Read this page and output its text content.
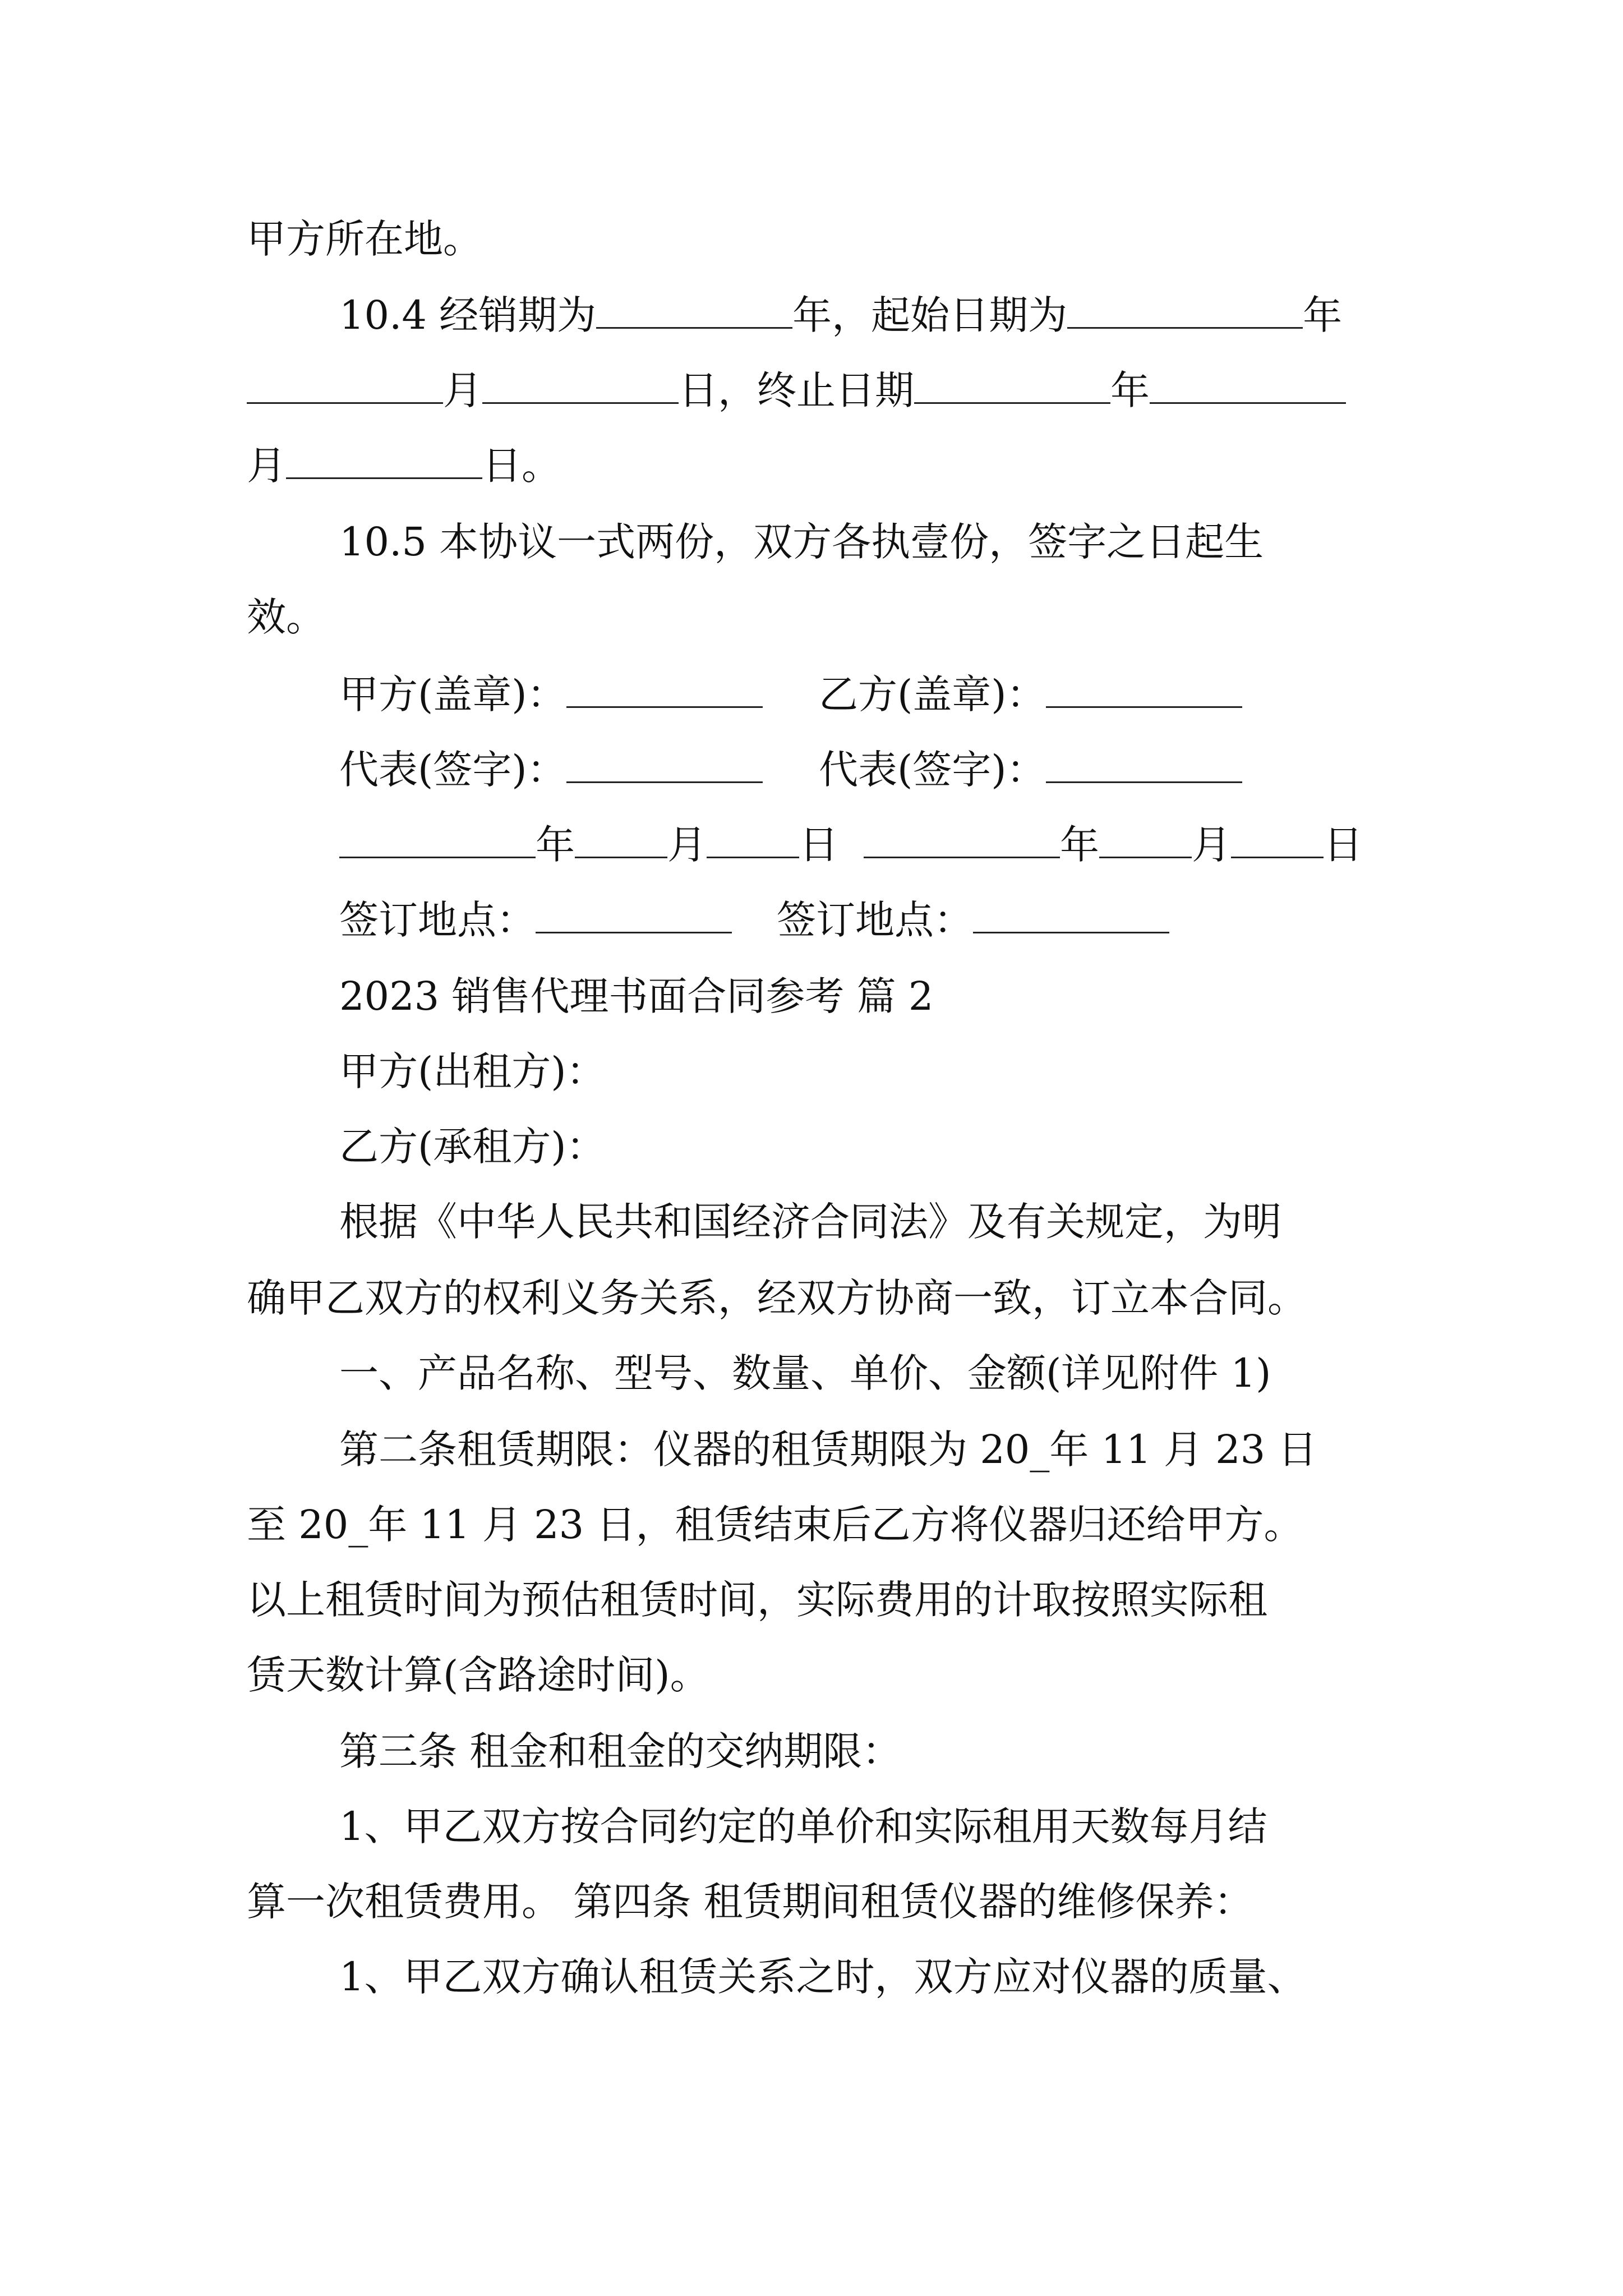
甲方所在地。
10.4 经销期为	年，起始日期为	年
月	日，终止日期	年
月	日。
10.5 本协议一式两份，双方各执壹份，签字之日起生
效。
甲方(盖章)：	乙方(盖章)：
代表(签字)：	代表(签字)：
年 月 日	年 月 日
签订地点：	签订地点：
2023 销售代理书面合同参考 篇 2
甲方(出租方)：
乙方(承租方)：
根据《中华人民共和国经济合同法》及有关规定，为明
确甲乙双方的权利义务关系，经双方协商一致，订立本合同。
一、产品名称、型号、数量、单价、金额(详见附件 1)
第二条租赁期限：仪器的租赁期限为 20_年 11 月 23 日
至 20_年 11 月 23 日，租赁结束后乙方将仪器归还给甲方。
以上租赁时间为预估租赁时间，实际费用的计取按照实际租
赁天数计算(含路途时间)。
第三条 租金和租金的交纳期限：
1、甲乙双方按合同约定的单价和实际租用天数每月结
算一次租赁费用。 第四条 租赁期间租赁仪器的维修保养：
1、甲乙双方确认租赁关系之时，双方应对仪器的质量、
